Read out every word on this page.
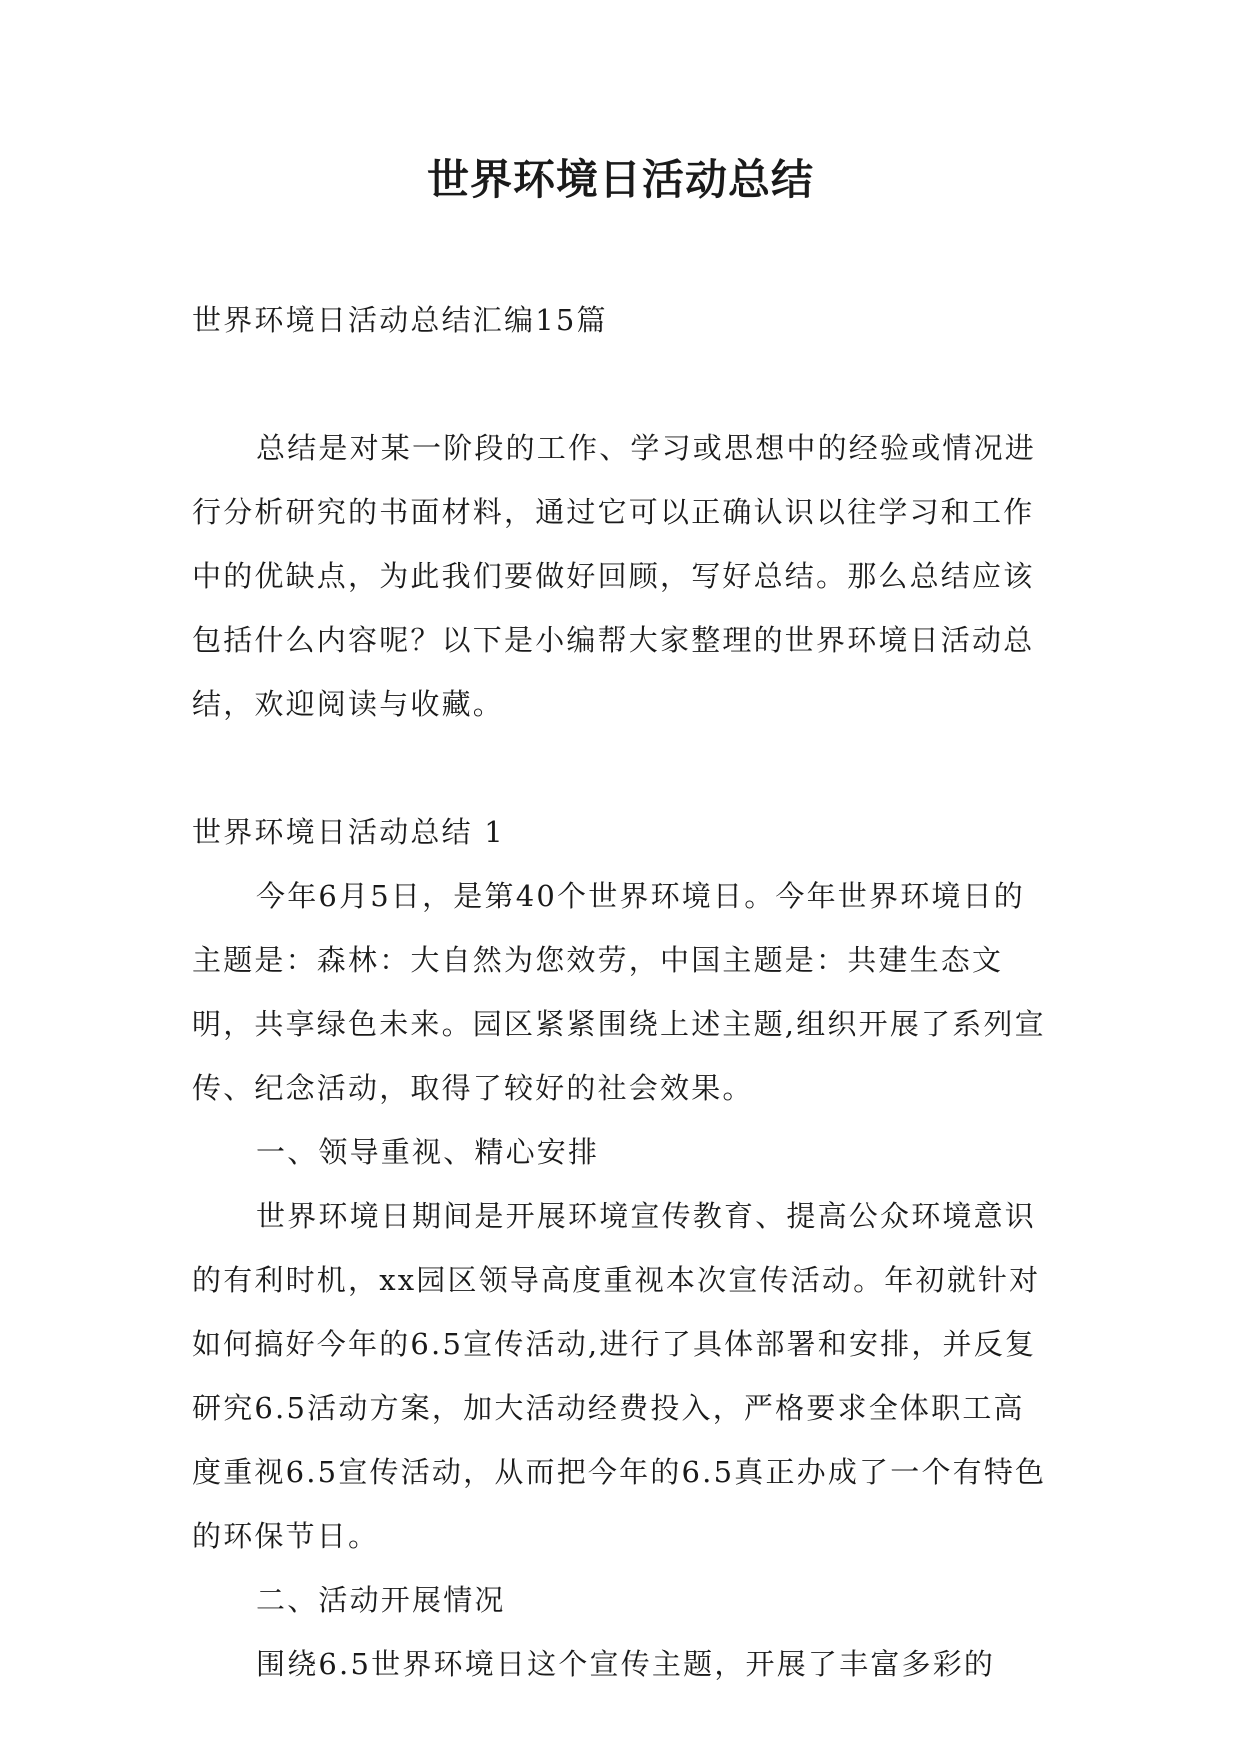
世界环境日活动总结

世界环境日活动总结汇编15篇

总结是对某一阶段的工作、学习或思想中的经验或情况进行分析研究的书面材料，通过它可以正确认识以往学习和工作中的优缺点，为此我们要做好回顾，写好总结。那么总结应该包括什么内容呢？以下是小编帮大家整理的世界环境日活动总结，欢迎阅读与收藏。

世界环境日活动总结 1

今年6月5日，是第40个世界环境日。今年世界环境日的主题是：森林：大自然为您效劳，中国主题是：共建生态文明，共享绿色未来。园区紧紧围绕上述主题,组织开展了系列宣传、纪念活动，取得了较好的社会效果。

一、领导重视、精心安排

世界环境日期间是开展环境宣传教育、提高公众环境意识的有利时机，xx园区领导高度重视本次宣传活动。年初就针对如何搞好今年的6.5宣传活动,进行了具体部署和安排，并反复研究6.5活动方案，加大活动经费投入，严格要求全体职工高度重视6.5宣传活动，从而把今年的6.5真正办成了一个有特色的环保节日。

二、活动开展情况

围绕6.5世界环境日这个宣传主题，开展了丰富多彩的
